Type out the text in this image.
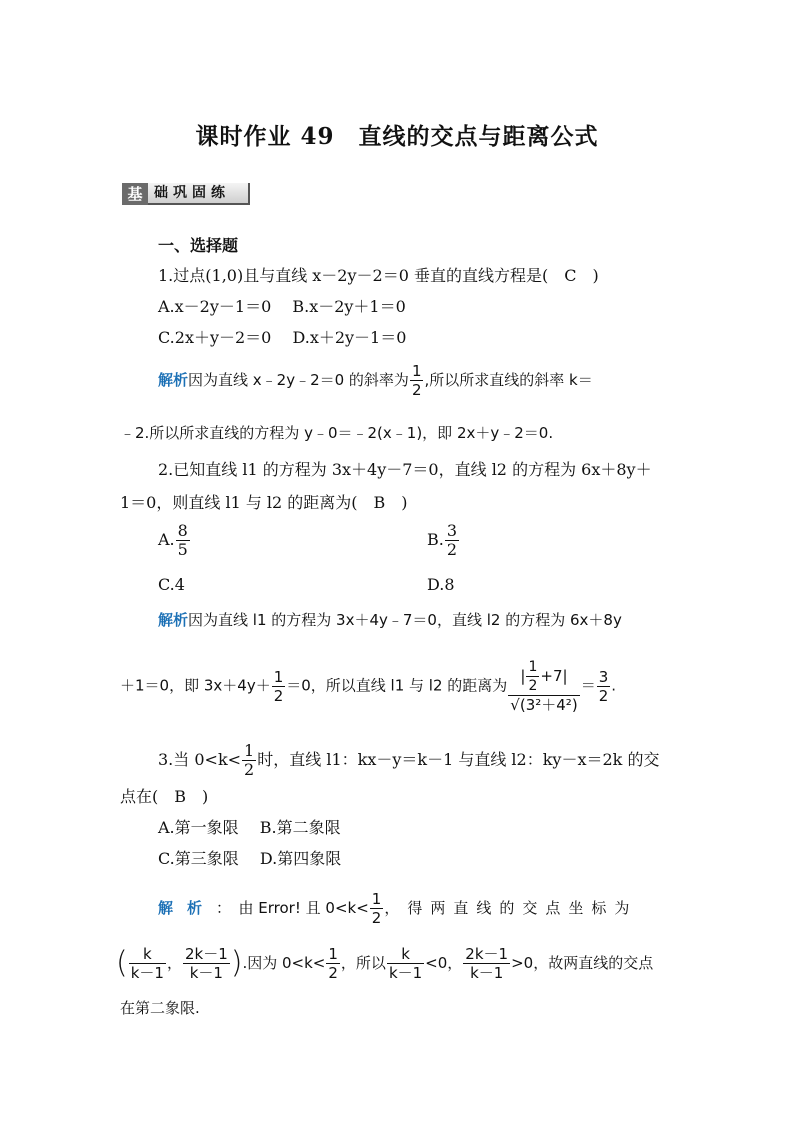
课时作业 49　直线的交点与距离公式
基 础巩固练
一、选择题
1.过点(1,0)且与直线 x－2y－2＝0 垂直的直线方程是(　C　)
A.x－2y－1＝0　 B.x－2y＋1＝0
C.2x＋y－2＝0　 D.x＋2y－1＝0
解析因为直线 x﹣2y﹣2＝0 的斜率为 $\frac{1}{2}$ ,所以所求直线的斜率 k＝
﹣2.所以所求直线的方程为 y﹣0＝﹣2(x﹣1)，即 2x＋y﹣2＝0.
2.已知直线 l1 的方程为 3x＋4y－7＝0，直线 l2 的方程为 6x＋8y＋
1＝0，则直线 l1 与 l2 的距离为(　B　)
A. $\frac{8}{5}$	B. $\frac{3}{2}$
C.4	D.8
解析因为直线 l1 的方程为 3x＋4y﹣7＝0，直线 l2 的方程为 6x＋8y
＋1＝0，即 $3x+4y+ \frac{1}{2} =0$，所以直线 l1 与 l2 的距离为 $\frac{| \frac{1}{2} +7|}{\text{√(3²＋4²)}} = \frac{3}{2}$ .
3.当 $0<k< \frac{1}{2}$ 时，直线 l1：kx－y＝k－1 与直线 l2：ky－x＝2k 的交
点在(　B　)
A.第一象限　 B.第二象限
C.第三象限　 D.第四象限
解析：　由 Error! 且 $0<k< \frac{1}{2}$ ，得两直线的交点坐标为
( $\frac{k}{k-1}$ ， $\frac{2k-1}{k-1}$ ).因为 $0<k< \frac{1}{2}$ ，所以 $\frac{k}{k-1} <0$， $\frac{2k-1}{k-1} >0$，故两直线的交点
在第二象限.
